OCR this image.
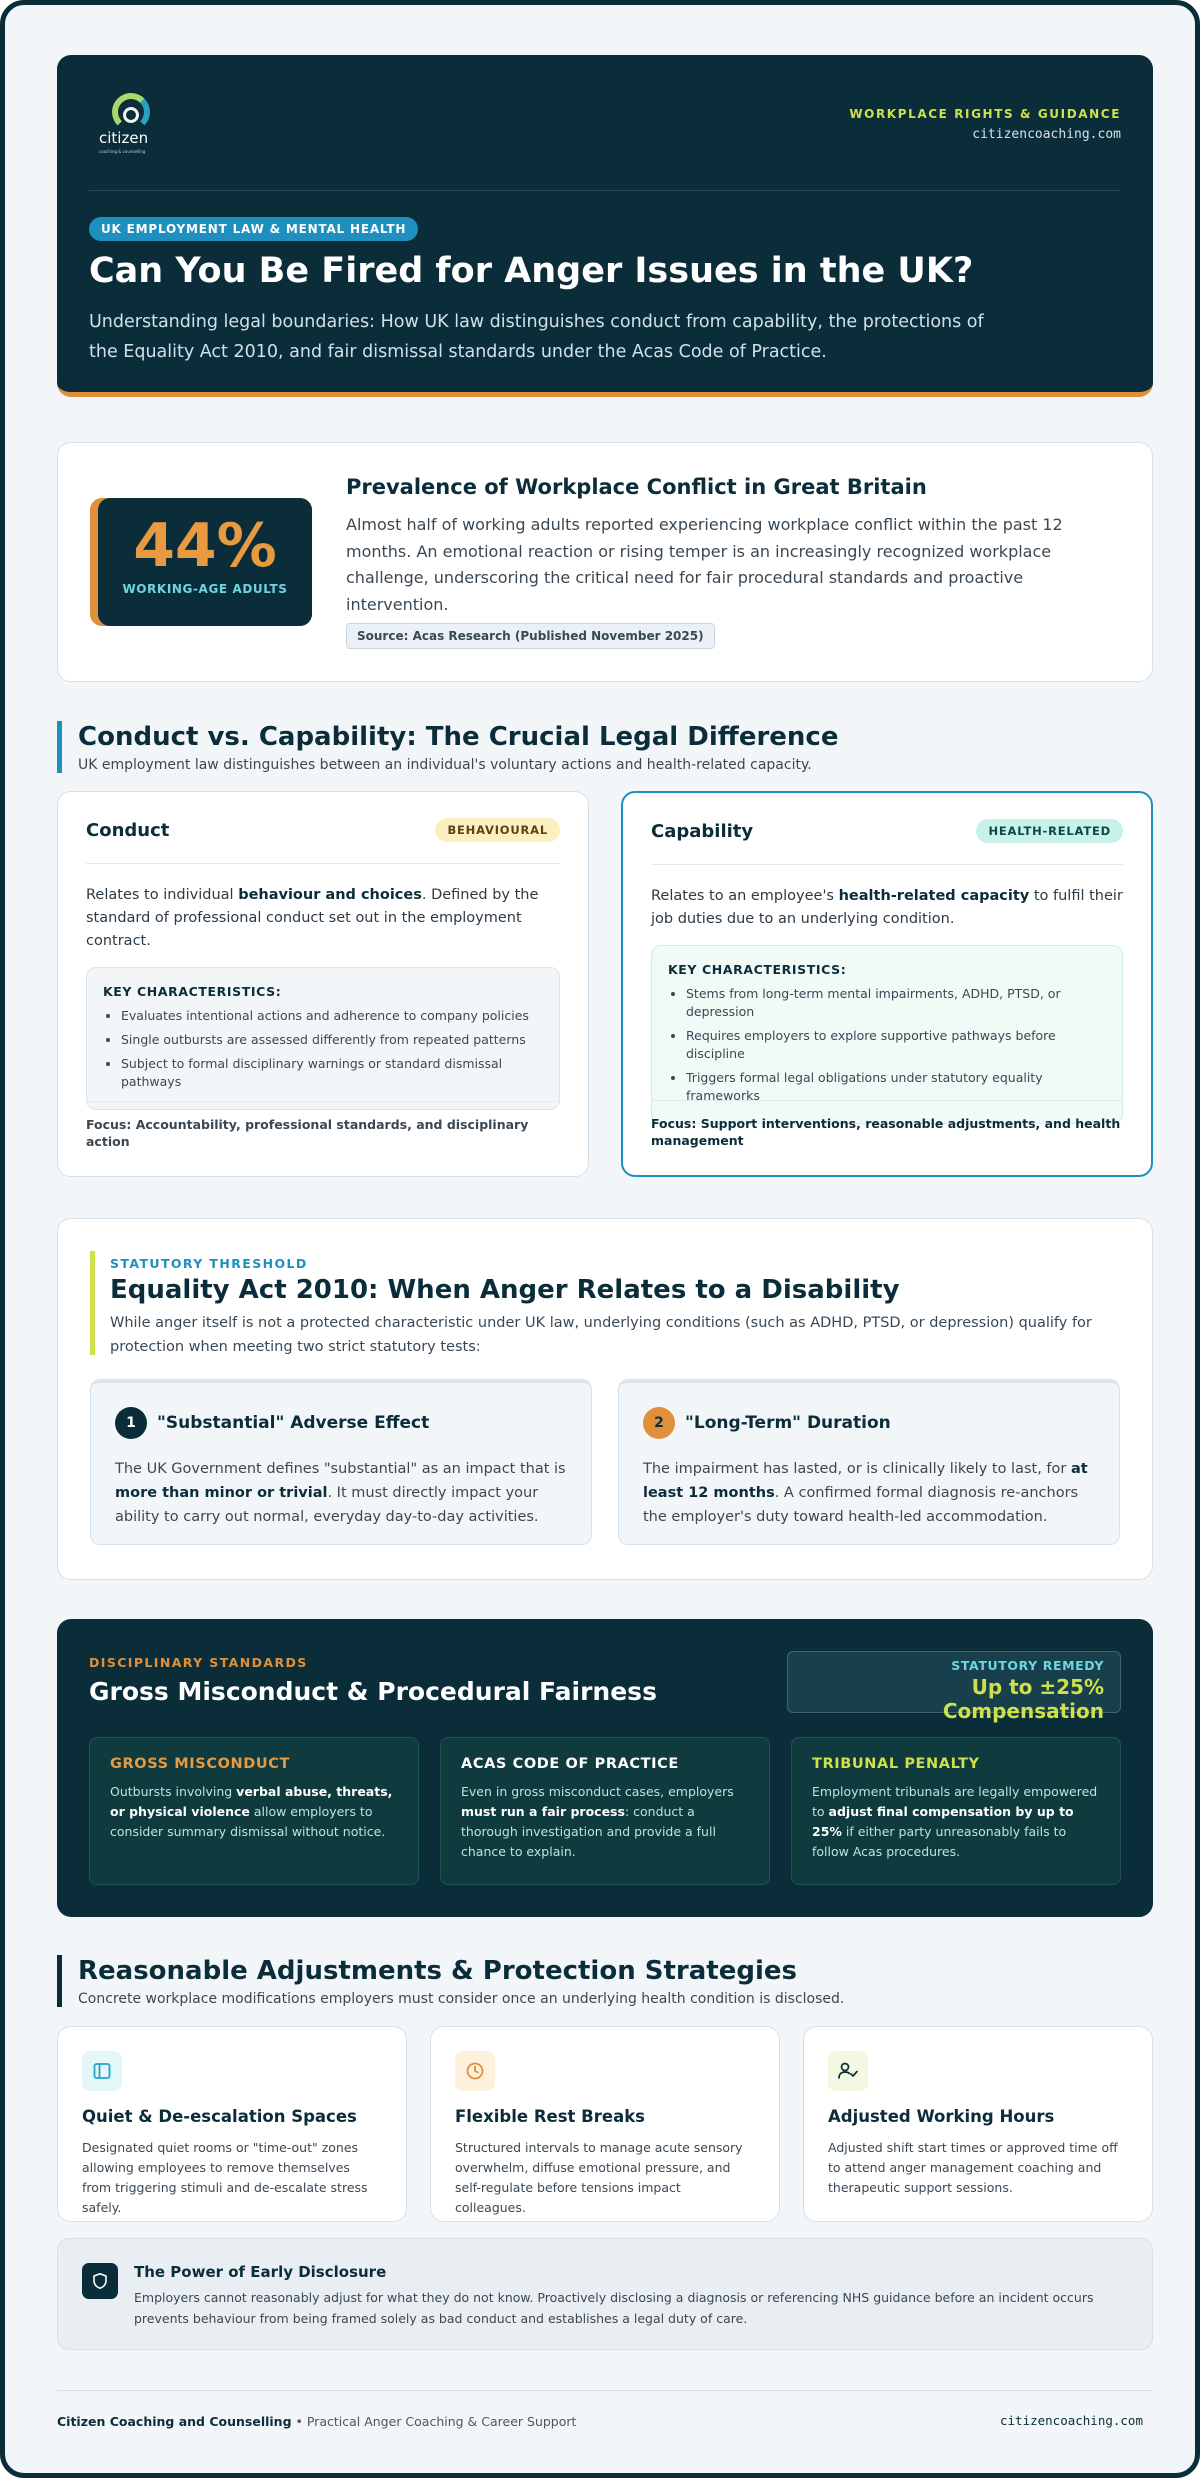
citizen
coaching & counselling
WORKPLACE RIGHTS & GUIDANCE
citizencoaching.com
UK EMPLOYMENT LAW & MENTAL HEALTH
Can You Be Fired for Anger Issues in the UK?
Understanding legal boundaries: How UK law distinguishes conduct from capability, the protections of the Equality Act 2010, and fair dismissal standards under the Acas Code of Practice.
44%
WORKING-AGE ADULTS
Prevalence of Workplace Conflict in Great Britain
Almost half of working adults reported experiencing workplace conflict within the past 12 months. An emotional reaction or rising temper is an increasingly recognized workplace challenge, underscoring the critical need for fair procedural standards and proactive intervention.
Source: Acas Research (Published November 2025)
Conduct vs. Capability: The Crucial Legal Difference
UK employment law distinguishes between an individual's voluntary actions and health-related capacity.
Conduct	BEHAVIOURAL
Relates to individual behaviour and choices. Defined by the standard of professional conduct set out in the employment contract.
KEY CHARACTERISTICS:
• Evaluates intentional actions and adherence to company policies
• Single outbursts are assessed differently from repeated patterns
• Subject to formal disciplinary warnings or standard dismissal pathways
Focus: Accountability, professional standards, and disciplinary action
Capability	HEALTH-RELATED
Relates to an employee's health-related capacity to fulfil their job duties due to an underlying condition.
KEY CHARACTERISTICS:
• Stems from long-term mental impairments, ADHD, PTSD, or depression
• Requires employers to explore supportive pathways before discipline
• Triggers formal legal obligations under statutory equality frameworks
Focus: Support interventions, reasonable adjustments, and health management
STATUTORY THRESHOLD
Equality Act 2010: When Anger Relates to a Disability
While anger itself is not a protected characteristic under UK law, underlying conditions (such as ADHD, PTSD, or depression) qualify for protection when meeting two strict statutory tests:
1 "Substantial" Adverse Effect
The UK Government defines "substantial" as an impact that is more than minor or trivial. It must directly impact your ability to carry out normal, everyday day-to-day activities.
2 "Long-Term" Duration
The impairment has lasted, or is clinically likely to last, for at least 12 months. A confirmed formal diagnosis re-anchors the employer's duty toward health-led accommodation.
DISCIPLINARY STANDARDS
Gross Misconduct & Procedural Fairness
STATUTORY REMEDY
Up to ±25% Compensation
GROSS MISCONDUCT
Outbursts involving verbal abuse, threats, or physical violence allow employers to consider summary dismissal without notice.
ACAS CODE OF PRACTICE
Even in gross misconduct cases, employers must run a fair process: conduct a thorough investigation and provide a full chance to explain.
TRIBUNAL PENALTY
Employment tribunals are legally empowered to adjust final compensation by up to 25% if either party unreasonably fails to follow Acas procedures.
Reasonable Adjustments & Protection Strategies
Concrete workplace modifications employers must consider once an underlying health condition is disclosed.
Quiet & De-escalation Spaces
Designated quiet rooms or "time-out" zones allowing employees to remove themselves from triggering stimuli and de-escalate stress safely.
Flexible Rest Breaks
Structured intervals to manage acute sensory overwhelm, diffuse emotional pressure, and self-regulate before tensions impact colleagues.
Adjusted Working Hours
Adjusted shift start times or approved time off to attend anger management coaching and therapeutic support sessions.
The Power of Early Disclosure
Employers cannot reasonably adjust for what they do not know. Proactively disclosing a diagnosis or referencing NHS guidance before an incident occurs prevents behaviour from being framed solely as bad conduct and establishes a legal duty of care.
Citizen Coaching and Counselling • Practical Anger Coaching & Career Support	citizencoaching.com
